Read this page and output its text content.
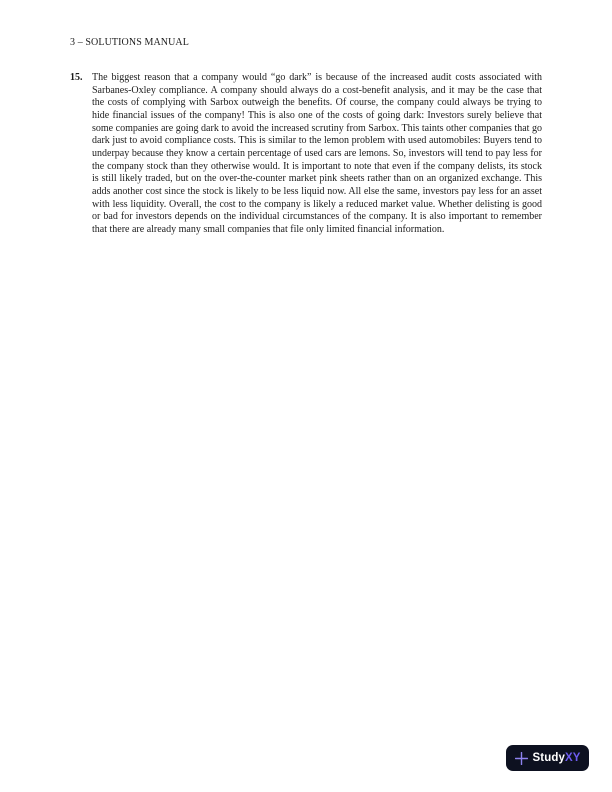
3 – SOLUTIONS MANUAL
15. The biggest reason that a company would “go dark” is because of the increased audit costs associated with Sarbanes-Oxley compliance. A company should always do a cost-benefit analysis, and it may be the case that the costs of complying with Sarbox outweigh the benefits. Of course, the company could always be trying to hide financial issues of the company! This is also one of the costs of going dark: Investors surely believe that some companies are going dark to avoid the increased scrutiny from Sarbox. This taints other companies that go dark just to avoid compliance costs. This is similar to the lemon problem with used automobiles: Buyers tend to underpay because they know a certain percentage of used cars are lemons. So, investors will tend to pay less for the company stock than they otherwise would. It is important to note that even if the company delists, its stock is still likely traded, but on the over-the-counter market pink sheets rather than on an organized exchange. This adds another cost since the stock is likely to be less liquid now. All else the same, investors pay less for an asset with less liquidity. Overall, the cost to the company is likely a reduced market value. Whether delisting is good or bad for investors depends on the individual circumstances of the company. It is also important to remember that there are already many small companies that file only limited financial information.
StudyXY
